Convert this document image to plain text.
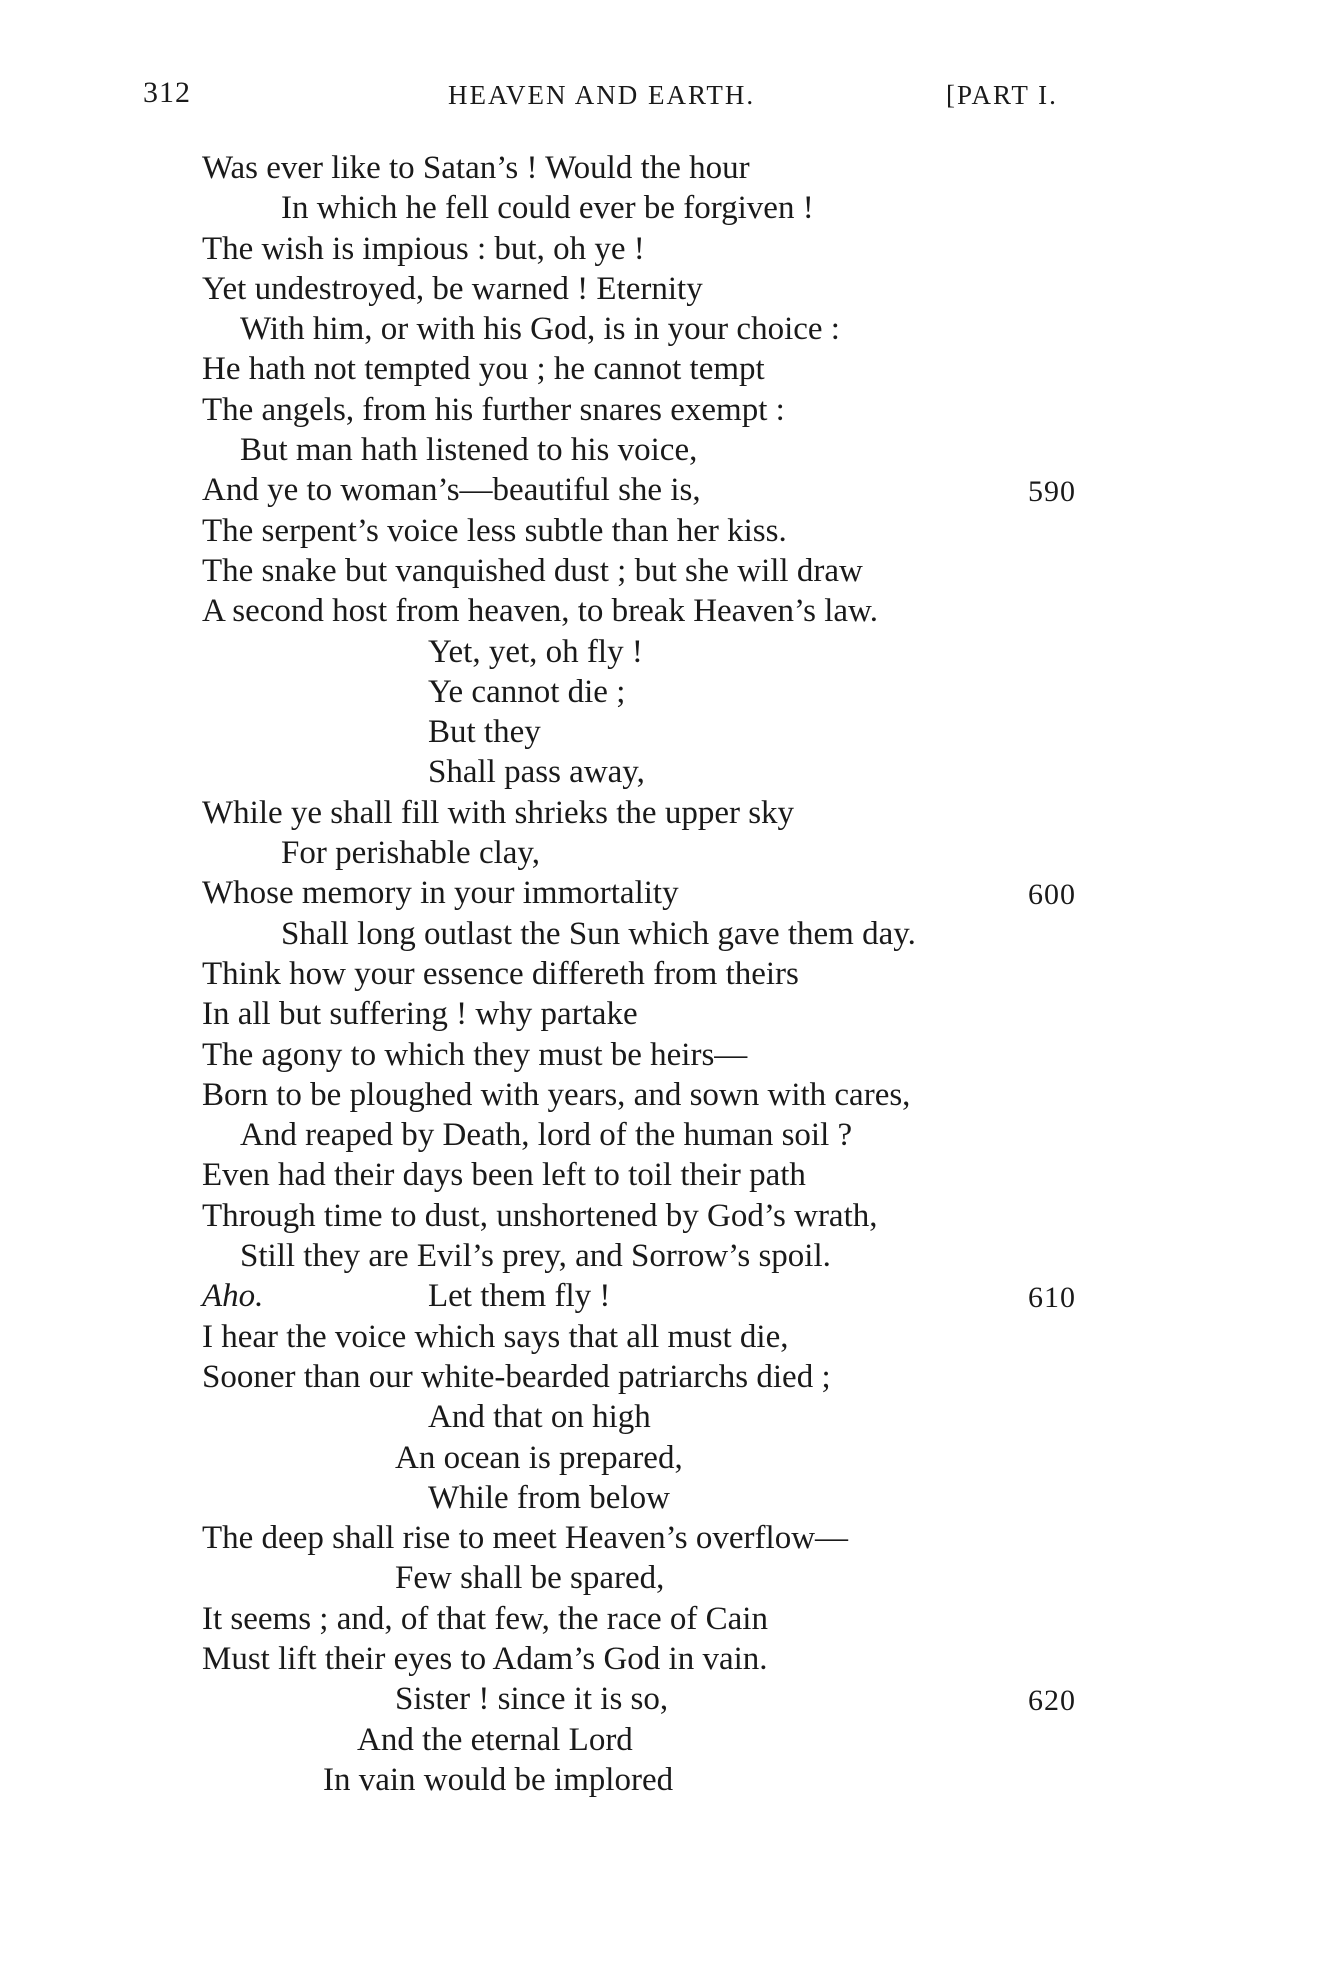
312	HEAVEN AND EARTH.	[PART I.
Was ever like to Satan’s ! Would the hour
In which he fell could ever be forgiven !
The wish is impious : but, oh ye !
Yet undestroyed, be warned ! Eternity
With him, or with his God, is in your choice :
He hath not tempted you ; he cannot tempt
The angels, from his further snares exempt :
But man hath listened to his voice,
And ye to woman’s—beautiful she is,	590
The serpent’s voice less subtle than her kiss.
The snake but vanquished dust ; but she will draw
A second host from heaven, to break Heaven’s law.
Yet, yet, oh fly !
Ye cannot die ;
But they
Shall pass away,
While ye shall fill with shrieks the upper sky
For perishable clay,
Whose memory in your immortality	600
Shall long outlast the Sun which gave them day.
Think how your essence differeth from theirs
In all but suffering ! why partake
The agony to which they must be heirs—
Born to be ploughed with years, and sown with cares,
And reaped by Death, lord of the human soil ?
Even had their days been left to toil their path
Through time to dust, unshortened by God’s wrath,
Still they are Evil’s prey, and Sorrow’s spoil.
Aho.	Let them fly !	610
I hear the voice which says that all must die,
Sooner than our white-bearded patriarchs died ;
And that on high
An ocean is prepared,
While from below
The deep shall rise to meet Heaven’s overflow—
Few shall be spared,
It seems ; and, of that few, the race of Cain
Must lift their eyes to Adam’s God in vain.
Sister ! since it is so,	620
And the eternal Lord
In vain would be implored
